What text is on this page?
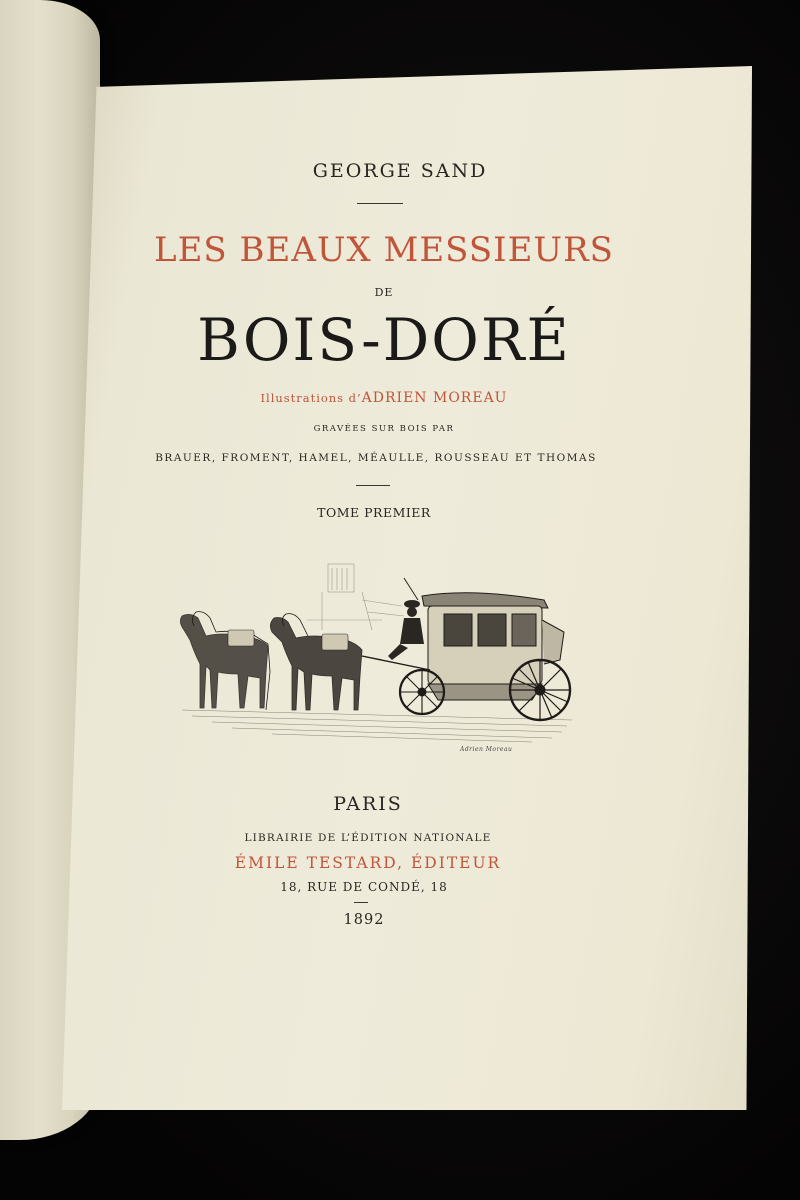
GEORGE SAND
LES BEAUX MESSIEURS
DE
BOIS-DORÉ
Illustrations d’ADRIEN MOREAU
GRAVÉES SUR BOIS PAR
BRAUER, FROMENT, HAMEL, MÉAULLE, ROUSSEAU ET THOMAS
TOME PREMIER
Adrien Moreau
PARIS
LIBRAIRIE DE L’ÉDITION NATIONALE
ÉMILE TESTARD, ÉDITEUR
18, RUE DE CONDÉ, 18
1892
